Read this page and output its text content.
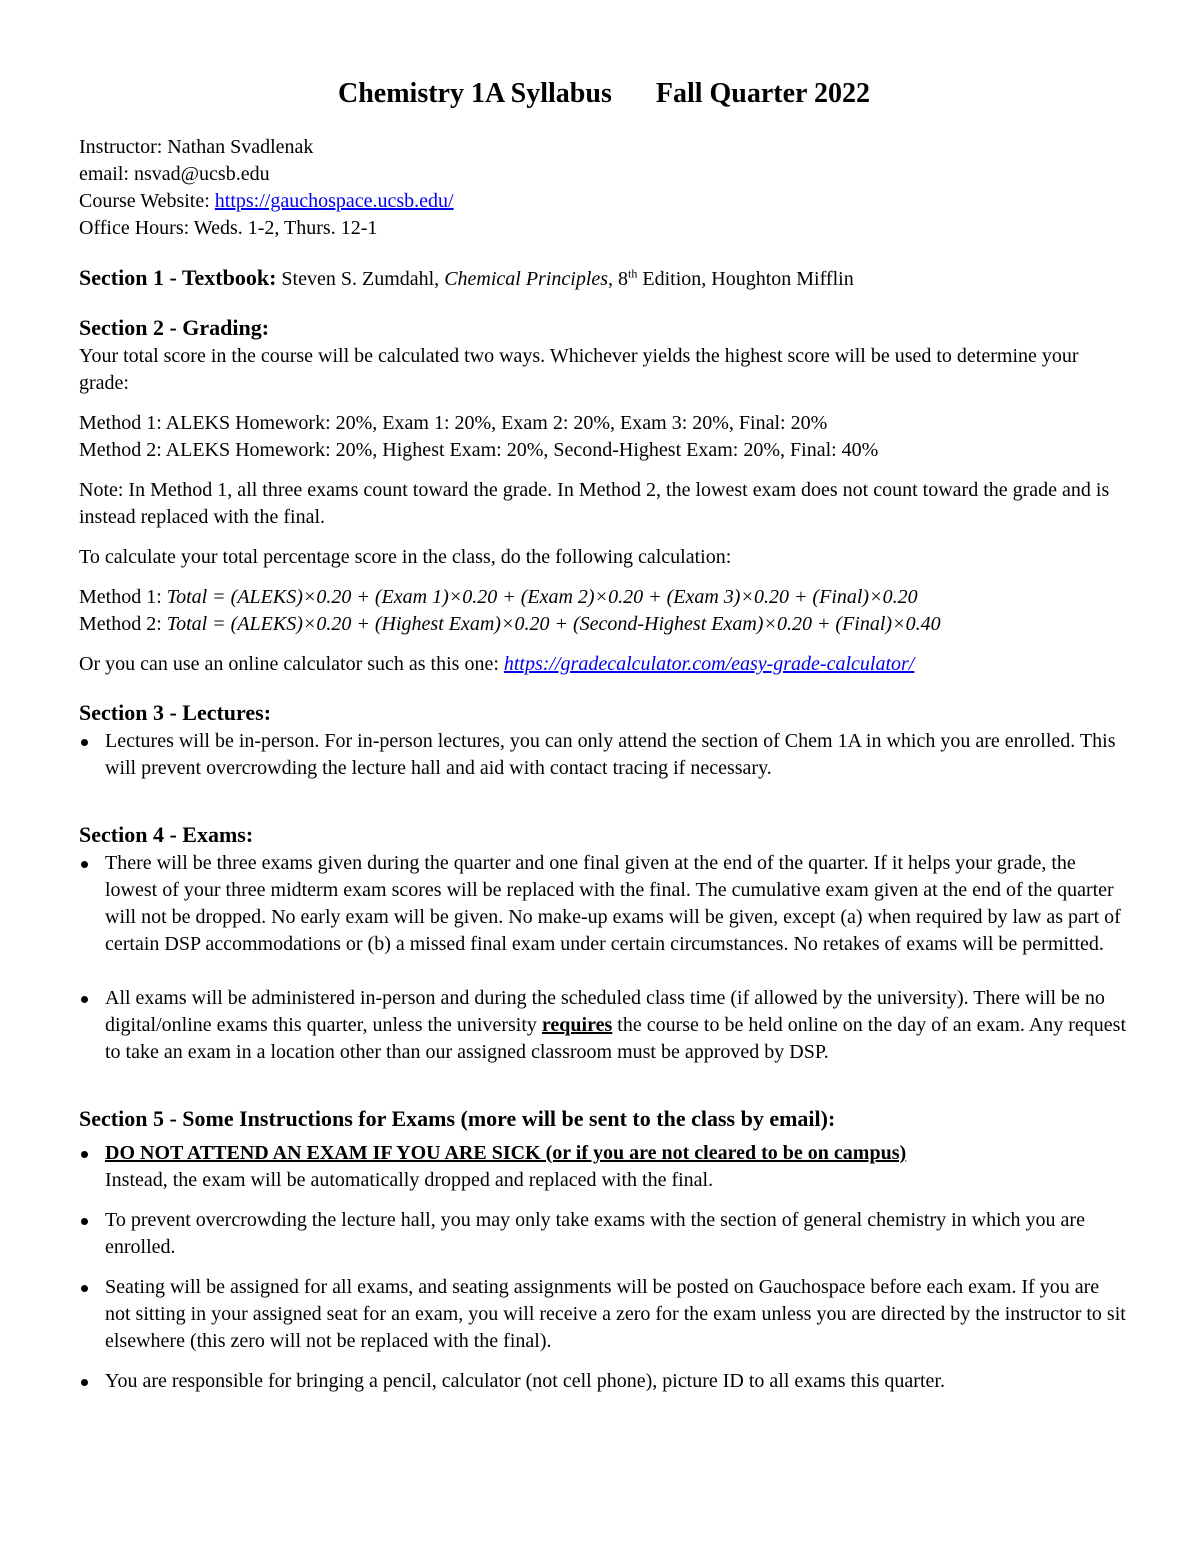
Chemistry 1A Syllabus Fall Quarter 2022
Instructor: Nathan Svadlenak
email: nsvad@ucsb.edu
Course Website: https://gauchospace.ucsb.edu/
Office Hours: Weds. 1-2, Thurs. 12-1
Section 1 - Textbook: Steven S. Zumdahl, Chemical Principles, 8th Edition, Houghton Mifflin
Section 2 - Grading:

Your total score in the course will be calculated two ways. Whichever yields the highest score will be used to determine your grade:

Method 1: ALEKS Homework: 20%, Exam 1: 20%, Exam 2: 20%, Exam 3: 20%, Final: 20%

Method 2: ALEKS Homework: 20%, Highest Exam: 20%, Second-Highest Exam: 20%, Final: 40%

Note: In Method 1, all three exams count toward the grade. In Method 2, the lowest exam does not count toward the grade and is instead replaced with the final.

To calculate your total percentage score in the class, do the following calculation:

Method 1: Total = (ALEKS)×0.20 + (Exam 1)×0.20 + (Exam 2)×0.20 + (Exam 3)×0.20 + (Final)×0.20

Method 2: Total = (ALEKS)×0.20 + (Highest Exam)×0.20 + (Second-Highest Exam)×0.20 + (Final)×0.40

Or you can use an online calculator such as this one: https://gradecalculator.com/easy-grade-calculator/

Section 3 - Lectures:
Lectures will be in-person. For in-person lectures, you can only attend the section of Chem 1A in which you are enrolled. This will prevent overcrowding the lecture hall and aid with contact tracing if necessary.
Section 4 - Exams:
There will be three exams given during the quarter and one final given at the end of the quarter. If it helps your grade, the lowest of your three midterm exam scores will be replaced with the final. The cumulative exam given at the end of the quarter will not be dropped. No early exam will be given. No make-up exams will be given, except (a) when required by law as part of certain DSP accommodations or (b) a missed final exam under certain circumstances. No retakes of exams will be permitted.
All exams will be administered in-person and during the scheduled class time (if allowed by the university). There will be no digital/online exams this quarter, unless the university requires the course to be held online on the day of an exam. Any request to take an exam in a location other than our assigned classroom must be approved by DSP.
Section 5 - Some Instructions for Exams (more will be sent to the class by email):
DO NOT ATTEND AN EXAM IF YOU ARE SICK (or if you are not cleared to be on campus)
Instead, the exam will be automatically dropped and replaced with the final.
To prevent overcrowding the lecture hall, you may only take exams with the section of general chemistry in which you are enrolled.
Seating will be assigned for all exams, and seating assignments will be posted on Gauchospace before each exam. If you are not sitting in your assigned seat for an exam, you will receive a zero for the exam unless you are directed by the instructor to sit elsewhere (this zero will not be replaced with the final).
You are responsible for bringing a pencil, calculator (not cell phone), picture ID to all exams this quarter.
